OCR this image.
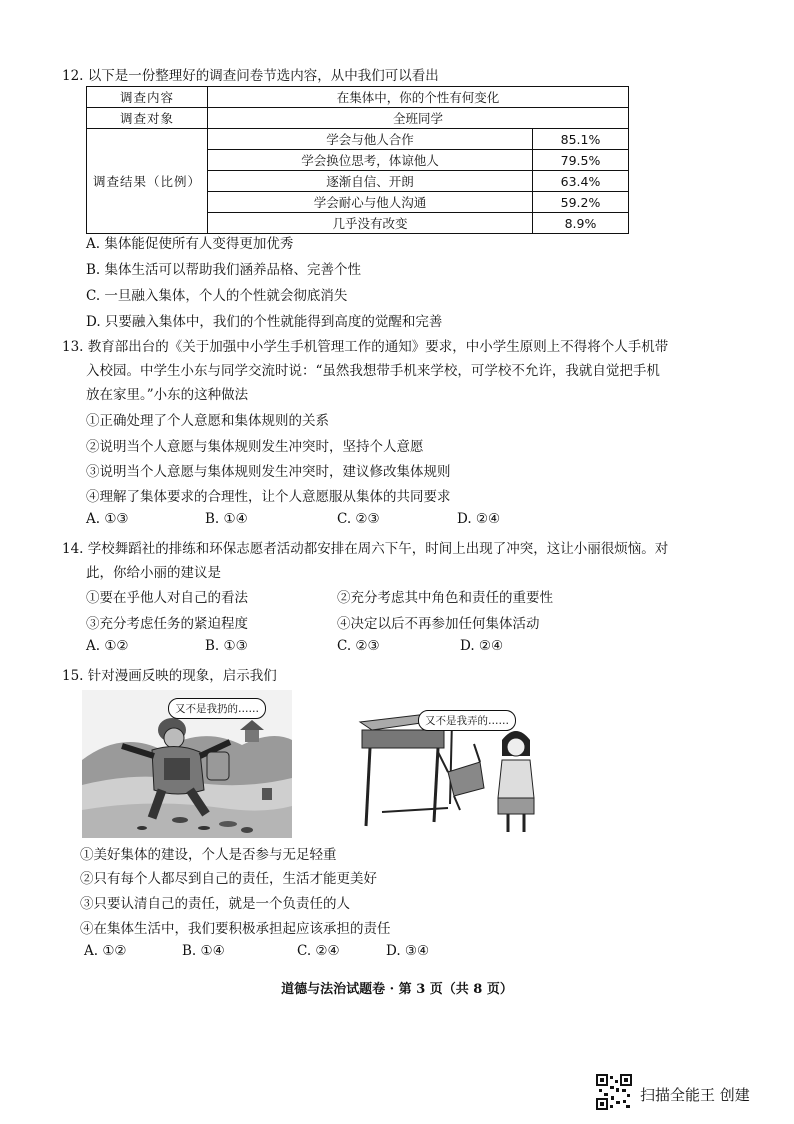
12. 以下是一份整理好的调查问卷节选内容，从中我们可以看出
调查内容	在集体中，你的个性有何变化	
调查对象	全班同学	
调查结果（比例）	学会与他人合作	85.1%
	学会换位思考，体谅他人	79.5%
	逐渐自信、开朗	63.4%
	学会耐心与他人沟通	59.2%
	几乎没有改变	8.9%
A. 集体能促使所有人变得更加优秀
B. 集体生活可以帮助我们涵养品格、完善个性
C. 一旦融入集体，个人的个性就会彻底消失
D. 只要融入集体中，我们的个性就能得到高度的觉醒和完善
13. 教育部出台的《关于加强中小学生手机管理工作的通知》要求，中小学生原则上不得将个人手机带
入校园。中学生小东与同学交流时说：“虽然我想带手机来学校，可学校不允许，我就自觉把手机
放在家里。”小东的这种做法
①正确处理了个人意愿和集体规则的关系
②说明当个人意愿与集体规则发生冲突时，坚持个人意愿
③说明当个人意愿与集体规则发生冲突时，建议修改集体规则
④理解了集体要求的合理性，让个人意愿服从集体的共同要求
A. ①③	B. ①④	C. ②③	D. ②④
14. 学校舞蹈社的排练和环保志愿者活动都安排在周六下午，时间上出现了冲突，这让小丽很烦恼。对
此，你给小丽的建议是
①要在乎他人对自己的看法	②充分考虑其中角色和责任的重要性
③充分考虑任务的紧迫程度	④决定以后不再参加任何集体活动
A. ①②	B. ①③	C. ②③	D. ②④
15. 针对漫画反映的现象，启示我们
又不是我扔的……
又不是我弄的……
①美好集体的建设，个人是否参与无足轻重
②只有每个人都尽到自己的责任，生活才能更美好
③只要认清自己的责任，就是一个负责任的人
④在集体生活中，我们要积极承担起应该承担的责任
A. ①②	B. ①④	C. ②④	D. ③④
道德与法治试题卷 · 第 3 页（共 8 页）
扫描全能王 创建
